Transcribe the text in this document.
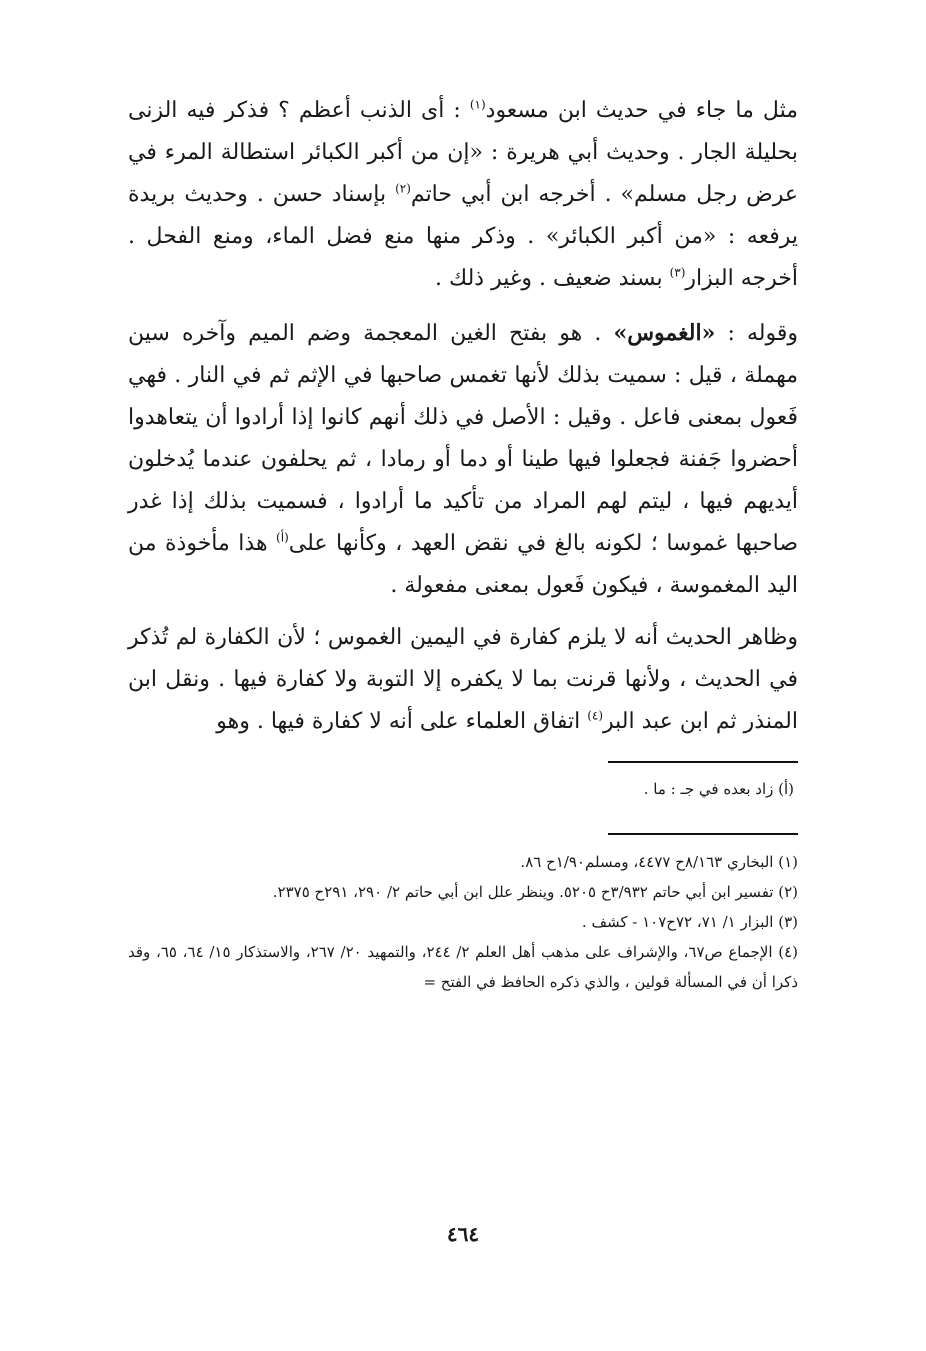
مثل ما جاء في حديث ابن مسعود$^{(١)}$ : أى الذنب أعظم ؟ فذكر فيه الزنى بحليلة الجار . وحديث أبي هريرة : «إن من أكبر الكبائر استطالة المرء في عرض رجل مسلم» . أخرجه ابن أبي حاتم$^{(٢)}$ بإسناد حسن . وحديث بريدة يرفعه : «من أكبر الكبائر» . وذكر منها منع فضل الماء، ومنع الفحل . أخرجه البزار$^{(٣)}$ بسند ضعيف . وغير ذلك .

وقوله : «الغموس» . هو بفتح الغين المعجمة وضم الميم وآخره سين مهملة ، قيل : سميت بذلك لأنها تغمس صاحبها في الإثم ثم في النار . فهي فَعول بمعنى فاعل . وقيل : الأصل في ذلك أنهم كانوا إذا أرادوا أن يتعاهدوا أحضروا جَفنة فجعلوا فيها طينا أو دما أو رمادا ، ثم يحلفون عندما يُدخلون أيديهم فيها ، ليتم لهم المراد من تأكيد ما أرادوا ، فسميت بذلك إذا غدر صاحبها غموسا ؛ لكونه بالغ في نقض العهد ، وكأنها على$^{(أ)}$ هذا مأخوذة من اليد المغموسة ، فيكون فَعول بمعنى مفعولة .

وظاهر الحديث أنه لا يلزم كفارة في اليمين الغموس ؛ لأن الكفارة لم تُذكر في الحديث ، ولأنها قرنت بما لا يكفره إلا التوبة ولا كفارة فيها . ونقل ابن المنذر ثم ابن عبد البر$^{(٤)}$ اتفاق العلماء على أنه لا كفارة فيها . وهو

(أ) زاد بعده في جـ : ما .

(١) البخاري ٨/١٦٣ح ٤٤٧٧، ومسلم١/٩٠ح ٨٦.

(٢) تفسير ابن أبي حاتم ٣/٩٣٢ح ٥٢٠٥. وينظر علل ابن أبي حاتم ٢/ ٢٩٠، ٢٩١ح ٢٣٧٥.

(٣) البزار ١/ ٧١، ٧٢ح١٠٧ - كشف .

(٤) الإجماع ص٦٧، والإشراف على مذهب أهل العلم ٢/ ٢٤٤، والتمهيد ٢٠/ ٢٦٧، والاستذكار ١٥/ ٦٤، ٦٥، وقد ذكرا أن في المسألة قولين ، والذي ذكره الحافظ في الفتح =

٤٦٤
